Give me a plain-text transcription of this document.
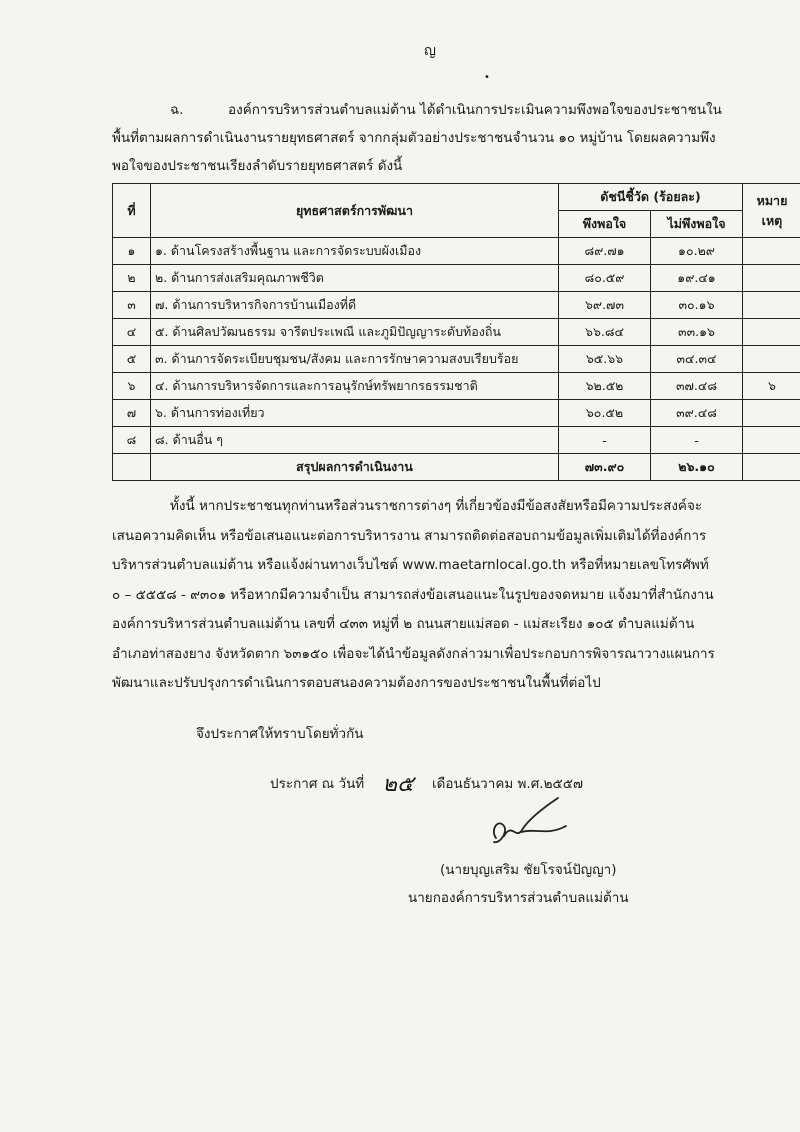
ญ
•

ฉ.	องค์การบริหารส่วนตำบลแม่ต้าน ได้ดำเนินการประเมินความพึงพอใจของประชาชนใน

พื้นที่ตามผลการดำเนินงานรายยุทธศาสตร์ จากกลุ่มตัวอย่างประชาชนจำนวน ๑๐ หมู่บ้าน โดยผลความพึง

พอใจของประชาชนเรียงลำดับรายยุทธศาสตร์ ดังนี้

ที่	ยุทธศาสตร์การพัฒนา	ดัชนีชี้วัด (ร้อยละ)		หมาย
เหตุ

		พึงพอใจ	ไม่พึงพอใจ	
๑	๑. ด้านโครงสร้างพื้นฐาน และการจัดระบบผังเมือง	๘๙.๗๑	๑๐.๒๙	
๒	๒. ด้านการส่งเสริมคุณภาพชีวิต	๘๐.๕๙	๑๙.๔๑	
๓	๗. ด้านการบริหารกิจการบ้านเมืองที่ดี	๖๙.๗๓	๓๐.๑๖	
๔	๕. ด้านศิลปวัฒนธรรม จารีตประเพณี และภูมิปัญญาระดับท้องถิ่น	๖๖.๘๔	๓๓.๑๖	
๕	๓. ด้านการจัดระเบียบชุมชน/สังคม และการรักษาความสงบเรียบร้อย	๖๕.๖๖	๓๔.๓๔	
๖	๔. ด้านการบริหารจัดการและการอนุรักษ์ทรัพยากรธรรมชาติ	๖๒.๕๒	๓๗.๔๘	๖
๗	๖. ด้านการท่องเที่ยว	๖๐.๕๒	๓๙.๔๘	
๘	๘. ด้านอื่น ๆ	-	-	
	สรุปผลการดำเนินงาน	๗๓.๙๐	๒๖.๑๐	

ทั้งนี้ หากประชาชนทุกท่านหรือส่วนราชการต่างๆ ที่เกี่ยวข้องมีข้อสงสัยหรือมีความประสงค์จะ

เสนอความคิดเห็น หรือข้อเสนอแนะต่อการบริหารงาน สามารถติดต่อสอบถามข้อมูลเพิ่มเติมได้ที่องค์การ

บริหารส่วนตำบลแม่ต้าน หรือแจ้งผ่านทางเว็บไซต์ www.maetarnlocal.go.th หรือที่หมายเลขโทรศัพท์

๐ – ๕๕๕๘ - ๙๓๐๑ หรือหากมีความจำเป็น สามารถส่งข้อเสนอแนะในรูปของจดหมาย แจ้งมาที่สำนักงาน

องค์การบริหารส่วนตำบลแม่ต้าน เลขที่ ๔๓๓ หมู่ที่ ๒ ถนนสายแม่สอด - แม่สะเรียง ๑๐๕ ตำบลแม่ต้าน

อำเภอท่าสองยาง จังหวัดตาก ๖๓๑๕๐ เพื่อจะได้นำข้อมูลดังกล่าวมาเพื่อประกอบการพิจารณาวางแผนการ

พัฒนาและปรับปรุงการดำเนินการตอบสนองความต้องการของประชาชนในพื้นที่ต่อไป

จึงประกาศให้ทราบโดยทั่วกัน
ประกาศ ณ วันที่ ๒๕ เดือนธันวาคม พ.ศ.๒๕๕๗
(นายบุญเสริม ชัยโรจน์ปัญญา)
นายกองค์การบริหารส่วนตำบลแม่ต้าน
